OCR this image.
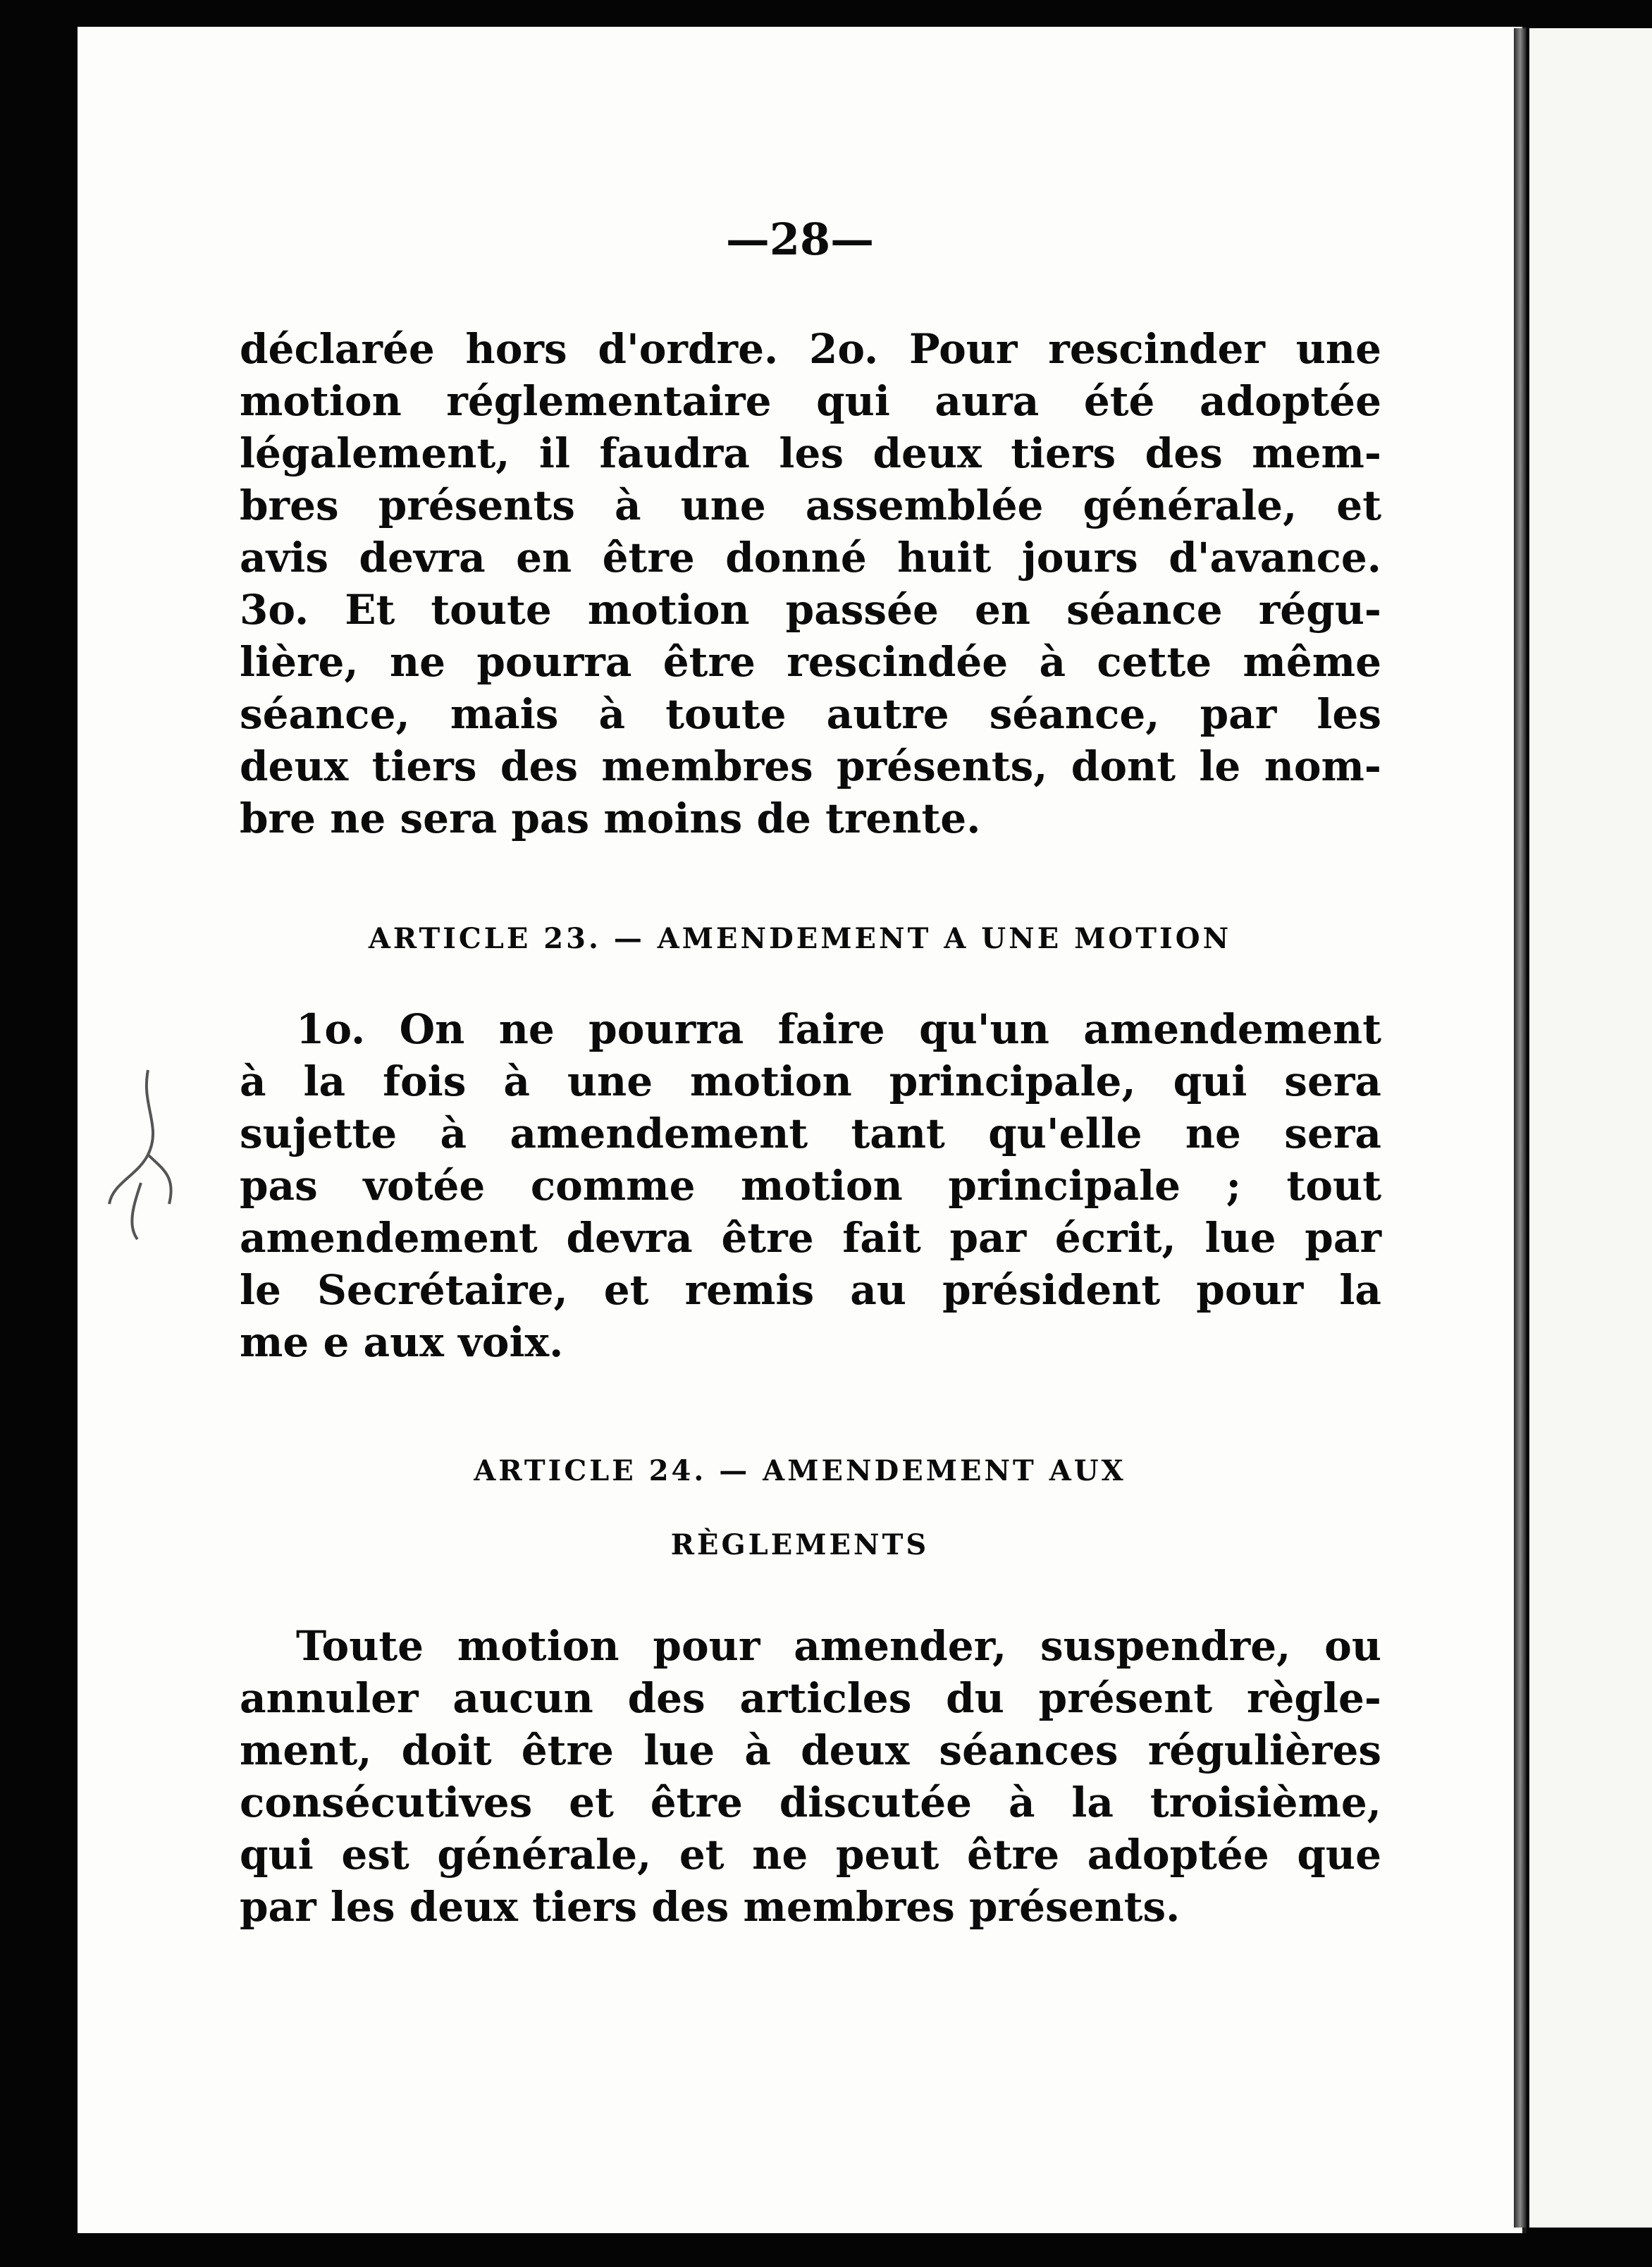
—28—

déclarée hors d'ordre. 2o. Pour rescinder une
motion réglementaire qui aura été adoptée
légalement, il faudra les deux tiers des mem-
bres présents à une assemblée générale, et
avis devra en être donné huit jours d'avance.
3o. Et toute motion passée en séance régu-
lière, ne pourra être rescindée à cette même
séance, mais à toute autre séance, par les
deux tiers des membres présents, dont le nom-
bre ne sera pas moins de trente.

ARTICLE 23. — AMENDEMENT A UNE MOTION

1o. On ne pourra faire qu'un amendement
à la fois à une motion principale, qui sera
sujette à amendement tant qu'elle ne sera
pas votée comme motion principale ; tout
amendement devra être fait par écrit, lue par
le Secrétaire, et remis au président pour la
me e aux voix.

ARTICLE 24. — AMENDEMENT AUX
RÈGLEMENTS

Toute motion pour amender, suspendre, ou
annuler aucun des articles du présent règle-
ment, doit être lue à deux séances régulières
consécutives et être discutée à la troisième,
qui est générale, et ne peut être adoptée que
par les deux tiers des membres présents.
